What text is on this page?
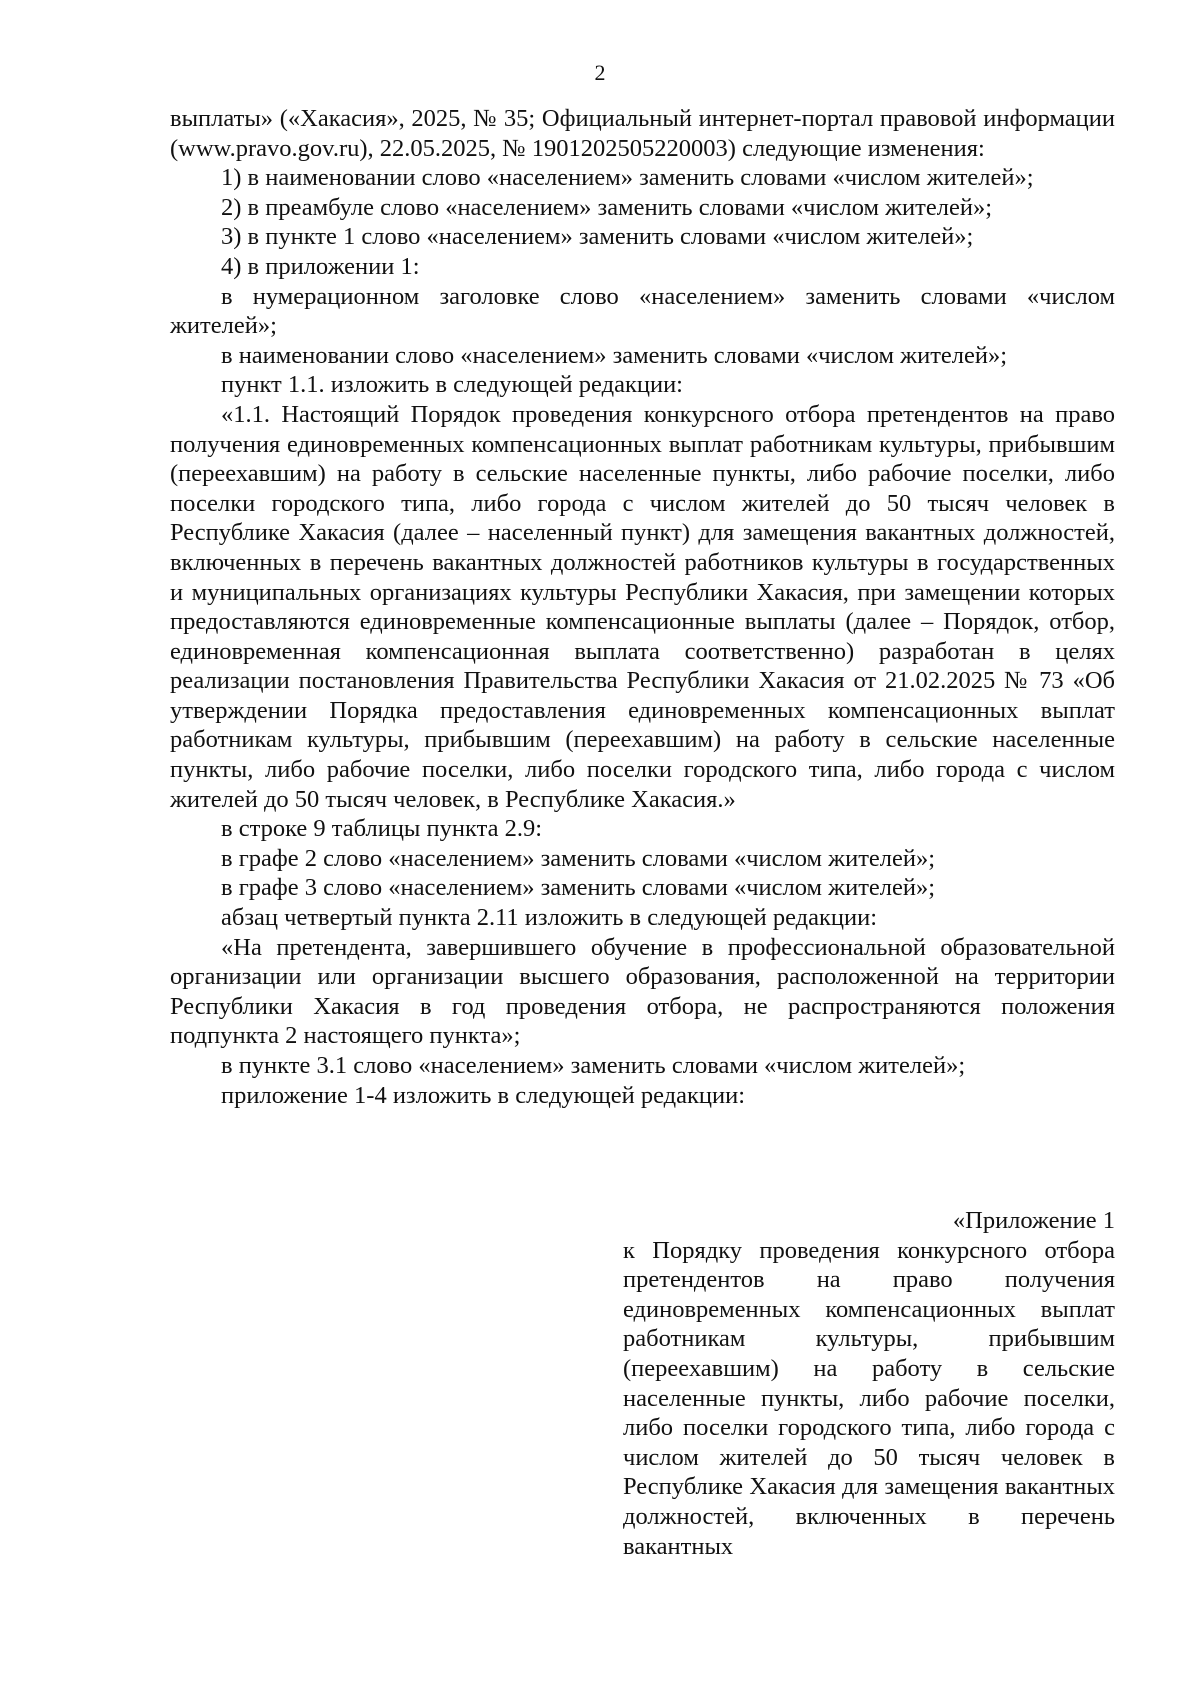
2

выплаты» («Хакасия», 2025, № 35; Официальный интернет-портал правовой информации (www.pravo.gov.ru), 22.05.2025, № 1901202505220003) следующие изменения:

1) в наименовании слово «населением» заменить словами «числом жителей»;

2) в преамбуле слово «населением» заменить словами «числом жителей»;

3) в пункте 1 слово «населением» заменить словами «числом жителей»;

4) в приложении 1:

в нумерационном заголовке слово «населением» заменить словами «числом жителей»;

в наименовании слово «населением» заменить словами «числом жителей»;

пункт 1.1. изложить в следующей редакции:

«1.1. Настоящий Порядок проведения конкурсного отбора претендентов на право получения единовременных компенсационных выплат работникам культуры, прибывшим (переехавшим) на работу в сельские населенные пункты, либо рабочие поселки, либо поселки городского типа, либо города с числом жителей до 50 тысяч человек в Республике Хакасия (далее – населенный пункт) для замещения вакантных должностей, включенных в перечень вакантных должностей работников культуры в государственных и муниципальных организациях культуры Республики Хакасия, при замещении которых предоставляются единовременные компенсационные выплаты (далее – Порядок, отбор, единовременная компенсационная выплата соответственно) разработан в целях реализации постановления Правительства Республики Хакасия от 21.02.2025 № 73 «Об утверждении Порядка предоставления единовременных компенсационных выплат работникам культуры, прибывшим (переехавшим) на работу в сельские населенные пункты, либо рабочие поселки, либо поселки городского типа, либо города с числом жителей до 50 тысяч человек, в Республике Хакасия.»

в строке 9 таблицы пункта 2.9:

в графе 2 слово «населением» заменить словами «числом жителей»;

в графе 3 слово «населением» заменить словами «числом жителей»;

абзац четвертый пункта 2.11 изложить в следующей редакции:

«На претендента, завершившего обучение в профессиональной образовательной организации или организации высшего образования, расположенной на территории Республики Хакасия в год проведения отбора, не распространяются положения подпункта 2 настоящего пункта»;

в пункте 3.1 слово «населением» заменить словами «числом жителей»;

приложение 1-4 изложить в следующей редакции:

«Приложение 1

к Порядку проведения конкурсного отбора претендентов на право получения единовременных компенсационных выплат работникам культуры, прибывшим (переехавшим) на работу в сельские населенные пункты, либо рабочие поселки, либо поселки городского типа, либо города с числом жителей до 50 тысяч человек в Республике Хакасия для замещения вакантных должностей, включенных в перечень вакантных
